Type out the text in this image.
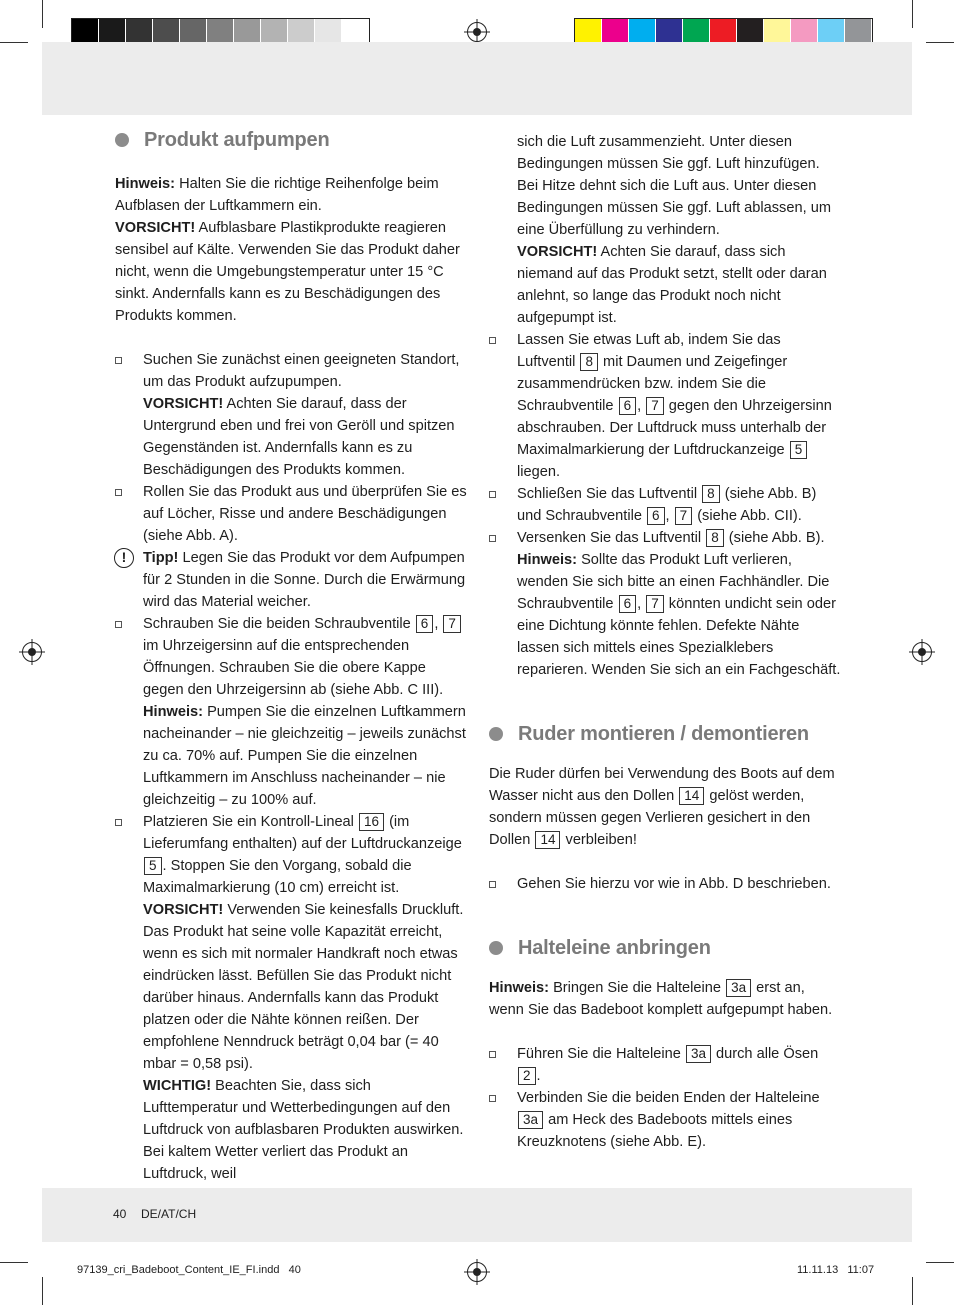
Produkt aufpumpen

Hinweis: Halten Sie die richtige Reihenfolge beim Aufblasen der Luftkammern ein.

VORSICHT! Aufblasbare Plastikprodukte reagieren sensibel auf Kälte. Verwenden Sie das Produkt daher nicht, wenn die Umgebungstemperatur unter 15 °C sinkt. Andernfalls kann es zu Beschädigungen des Produkts kommen.

Suchen Sie zunächst einen geeigneten Standort, um das Produkt aufzupumpen.

VORSICHT! Achten Sie darauf, dass der Untergrund eben und frei von Geröll und spitzen Gegenständen ist. Andernfalls kann es zu Beschädigungen des Produkts kommen.

Rollen Sie das Produkt aus und überprüfen Sie es auf Löcher, Risse und andere Beschädigungen (siehe Abb. A).

!	Tipp! Legen Sie das Produkt vor dem Aufpumpen für 2 Stunden in die Sonne. Durch die Erwärmung wird das Material weicher.

Schrauben Sie die beiden Schraubventile 6 , 7 im Uhrzeigersinn auf die entsprechenden Öffnungen. Schrauben Sie die obere Kappe gegen den Uhrzeigersinn ab (siehe Abb. C III).

Hinweis: Pumpen Sie die einzelnen Luftkammern nacheinander – nie gleichzeitig – jeweils zunächst zu ca. 70% auf. Pumpen Sie die einzelnen Luftkammern im Anschluss nacheinander – nie gleichzeitig – zu 100% auf.

Platzieren Sie ein Kontroll-Lineal 16 (im Lieferumfang enthalten) auf der Luftdruckanzeige 5 . Stoppen Sie den Vorgang, sobald die Maximalmarkierung (10 cm) erreicht ist.

VORSICHT! Verwenden Sie keinesfalls Druckluft. Das Produkt hat seine volle Kapazität erreicht, wenn es sich mit normaler Handkraft noch etwas eindrücken lässt. Befüllen Sie das Produkt nicht darüber hinaus. Andernfalls kann das Produkt platzen oder die Nähte können reißen. Der empfohlene Nenndruck beträgt 0,04 bar (= 40 mbar = 0,58 psi).

WICHTIG! Beachten Sie, dass sich Lufttemperatur und Wetterbedingungen auf den Luftdruck von aufblasbaren Produkten auswirken. Bei kaltem Wetter verliert das Produkt an Luftdruck, weil

sich die Luft zusammenzieht. Unter diesen Bedingungen müssen Sie ggf. Luft hinzufügen. Bei Hitze dehnt sich die Luft aus. Unter diesen Bedingungen müssen Sie ggf. Luft ablassen, um eine Überfüllung zu verhindern.

VORSICHT! Achten Sie darauf, dass sich niemand auf das Produkt setzt, stellt oder daran anlehnt, so lange das Produkt noch nicht aufgepumpt ist.

Lassen Sie etwas Luft ab, indem Sie das Luftventil 8 mit Daumen und Zeigefinger zusammendrücken bzw. indem Sie die Schraubventile 6 , 7 gegen den Uhrzeigersinn abschrauben. Der Luftdruck muss unterhalb der Maximalmarkierung der Luftdruckanzeige 5 liegen.

Schließen Sie das Luftventil 8 (siehe Abb. B) und Schraubventile 6 , 7 (siehe Abb. CII).

Versenken Sie das Luftventil 8 (siehe Abb. B).

Hinweis: Sollte das Produkt Luft verlieren, wenden Sie sich bitte an einen Fachhändler. Die Schraubventile 6 , 7 könnten undicht sein oder eine Dichtung könnte fehlen. Defekte Nähte lassen sich mittels eines Spezialklebers reparieren. Wenden Sie sich an ein Fachgeschäft.

Ruder montieren / demontieren

Die Ruder dürfen bei Verwendung des Boots auf dem Wasser nicht aus den Dollen 14 gelöst werden, sondern müssen gegen Verlieren gesichert in den Dollen 14 verbleiben!

Gehen Sie hierzu vor wie in Abb. D beschrieben.

Halteleine anbringen

Hinweis: Bringen Sie die Halteleine 3a erst an, wenn Sie das Badeboot komplett aufgepumpt haben.

Führen Sie die Halteleine 3a durch alle Ösen 2 .

Verbinden Sie die beiden Enden der Halteleine 3a am Heck des Badeboots mittels eines Kreuzknotens (siehe Abb. E).

40 DE/AT/CH
97139_cri_Badeboot_Content_IE_FI.indd   40	11.11.13   11:07
